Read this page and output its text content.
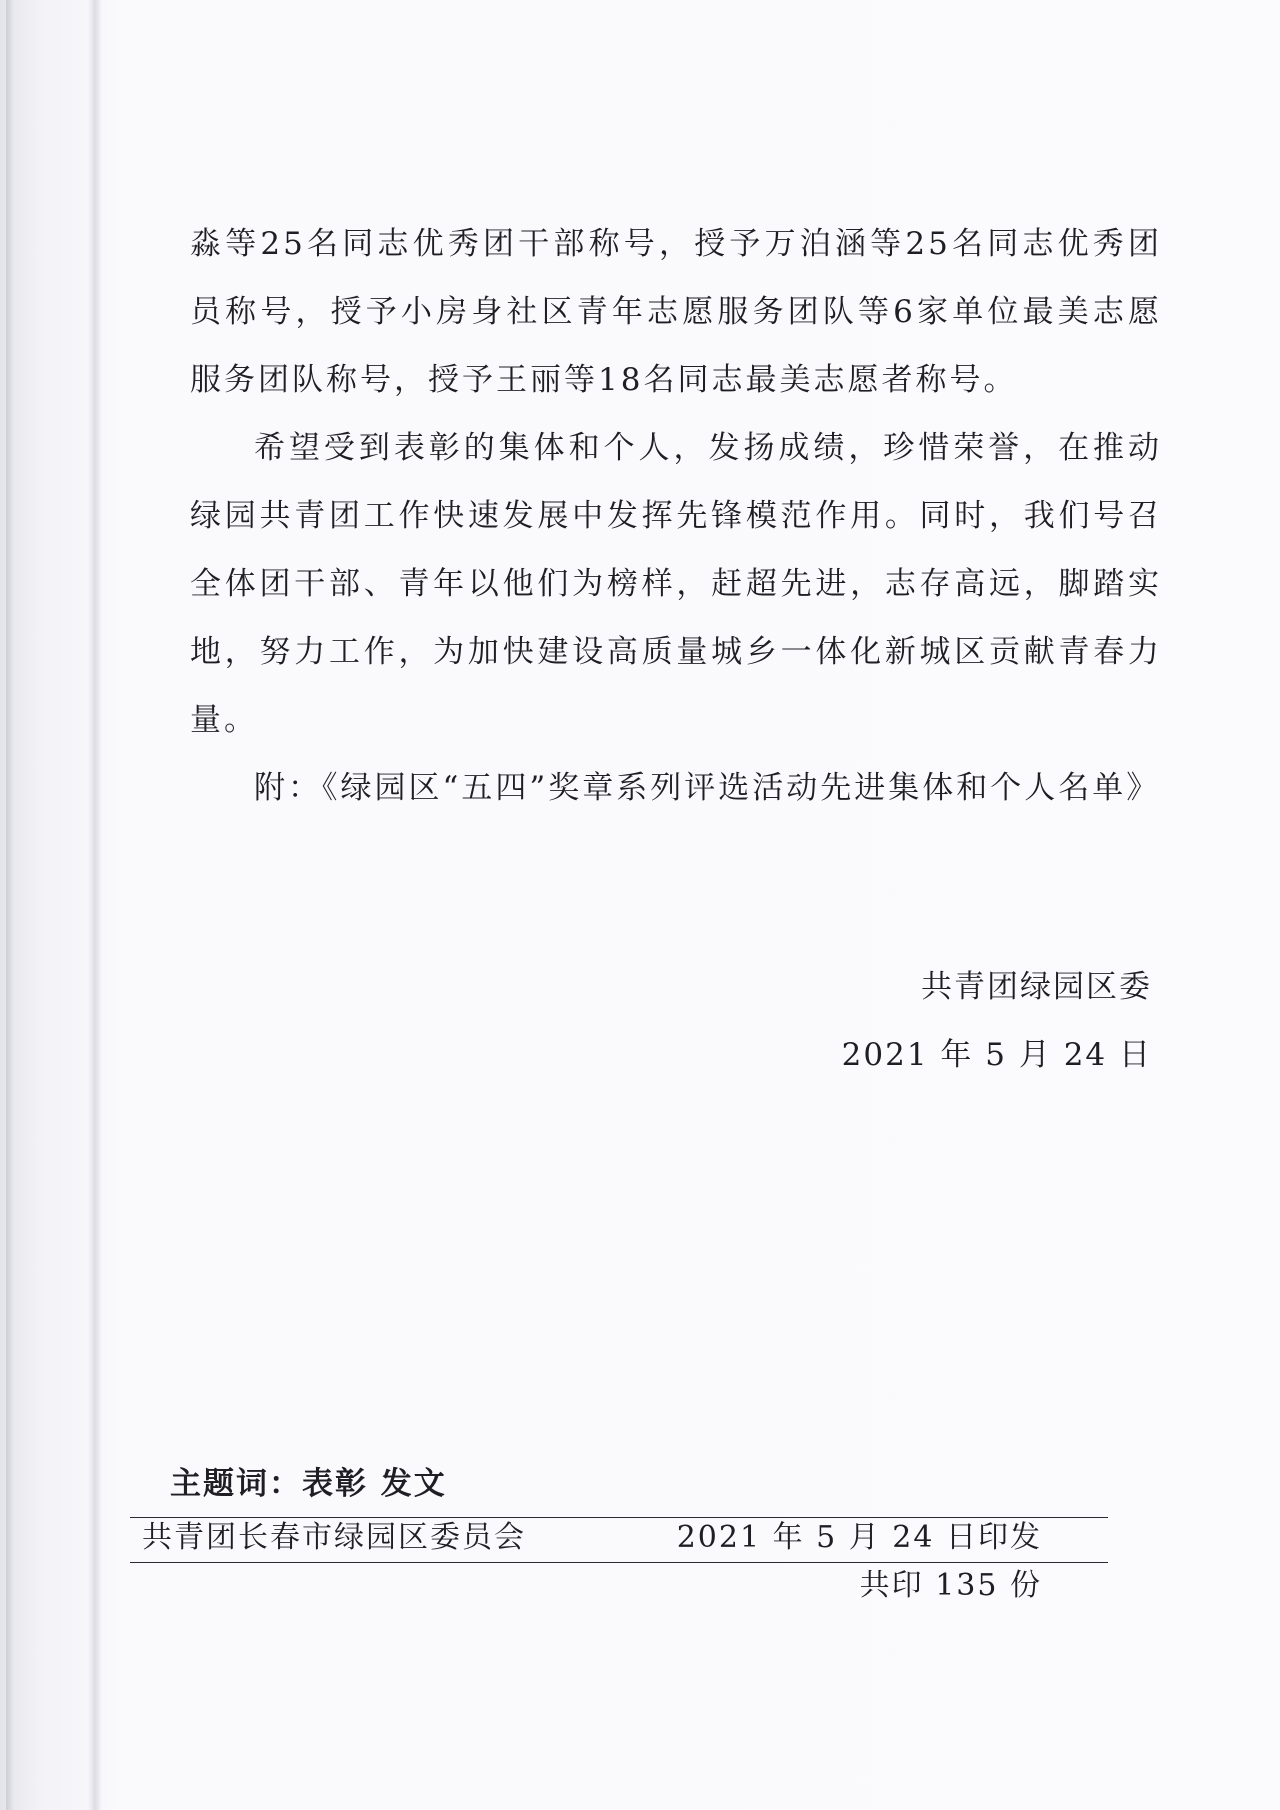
淼等25名同志优秀团干部称号，授予万泊涵等25名同志优秀团员称号，授予小房身社区青年志愿服务团队等6家单位最美志愿服务团队称号，授予王丽等18名同志最美志愿者称号。

希望受到表彰的集体和个人，发扬成绩，珍惜荣誉，在推动绿园共青团工作快速发展中发挥先锋模范作用。同时，我们号召全体团干部、青年以他们为榜样，赶超先进，志存高远，脚踏实地，努力工作，为加快建设高质量城乡一体化新城区贡献青春力量。

附：《绿园区“五四”奖章系列评选活动先进集体和个人名单》

共青团绿园区委
2021 年 5 月 24 日
主题词：表彰 发文
共青团长春市绿园区委员会	2021 年 5 月 24 日印发
共印 135 份
